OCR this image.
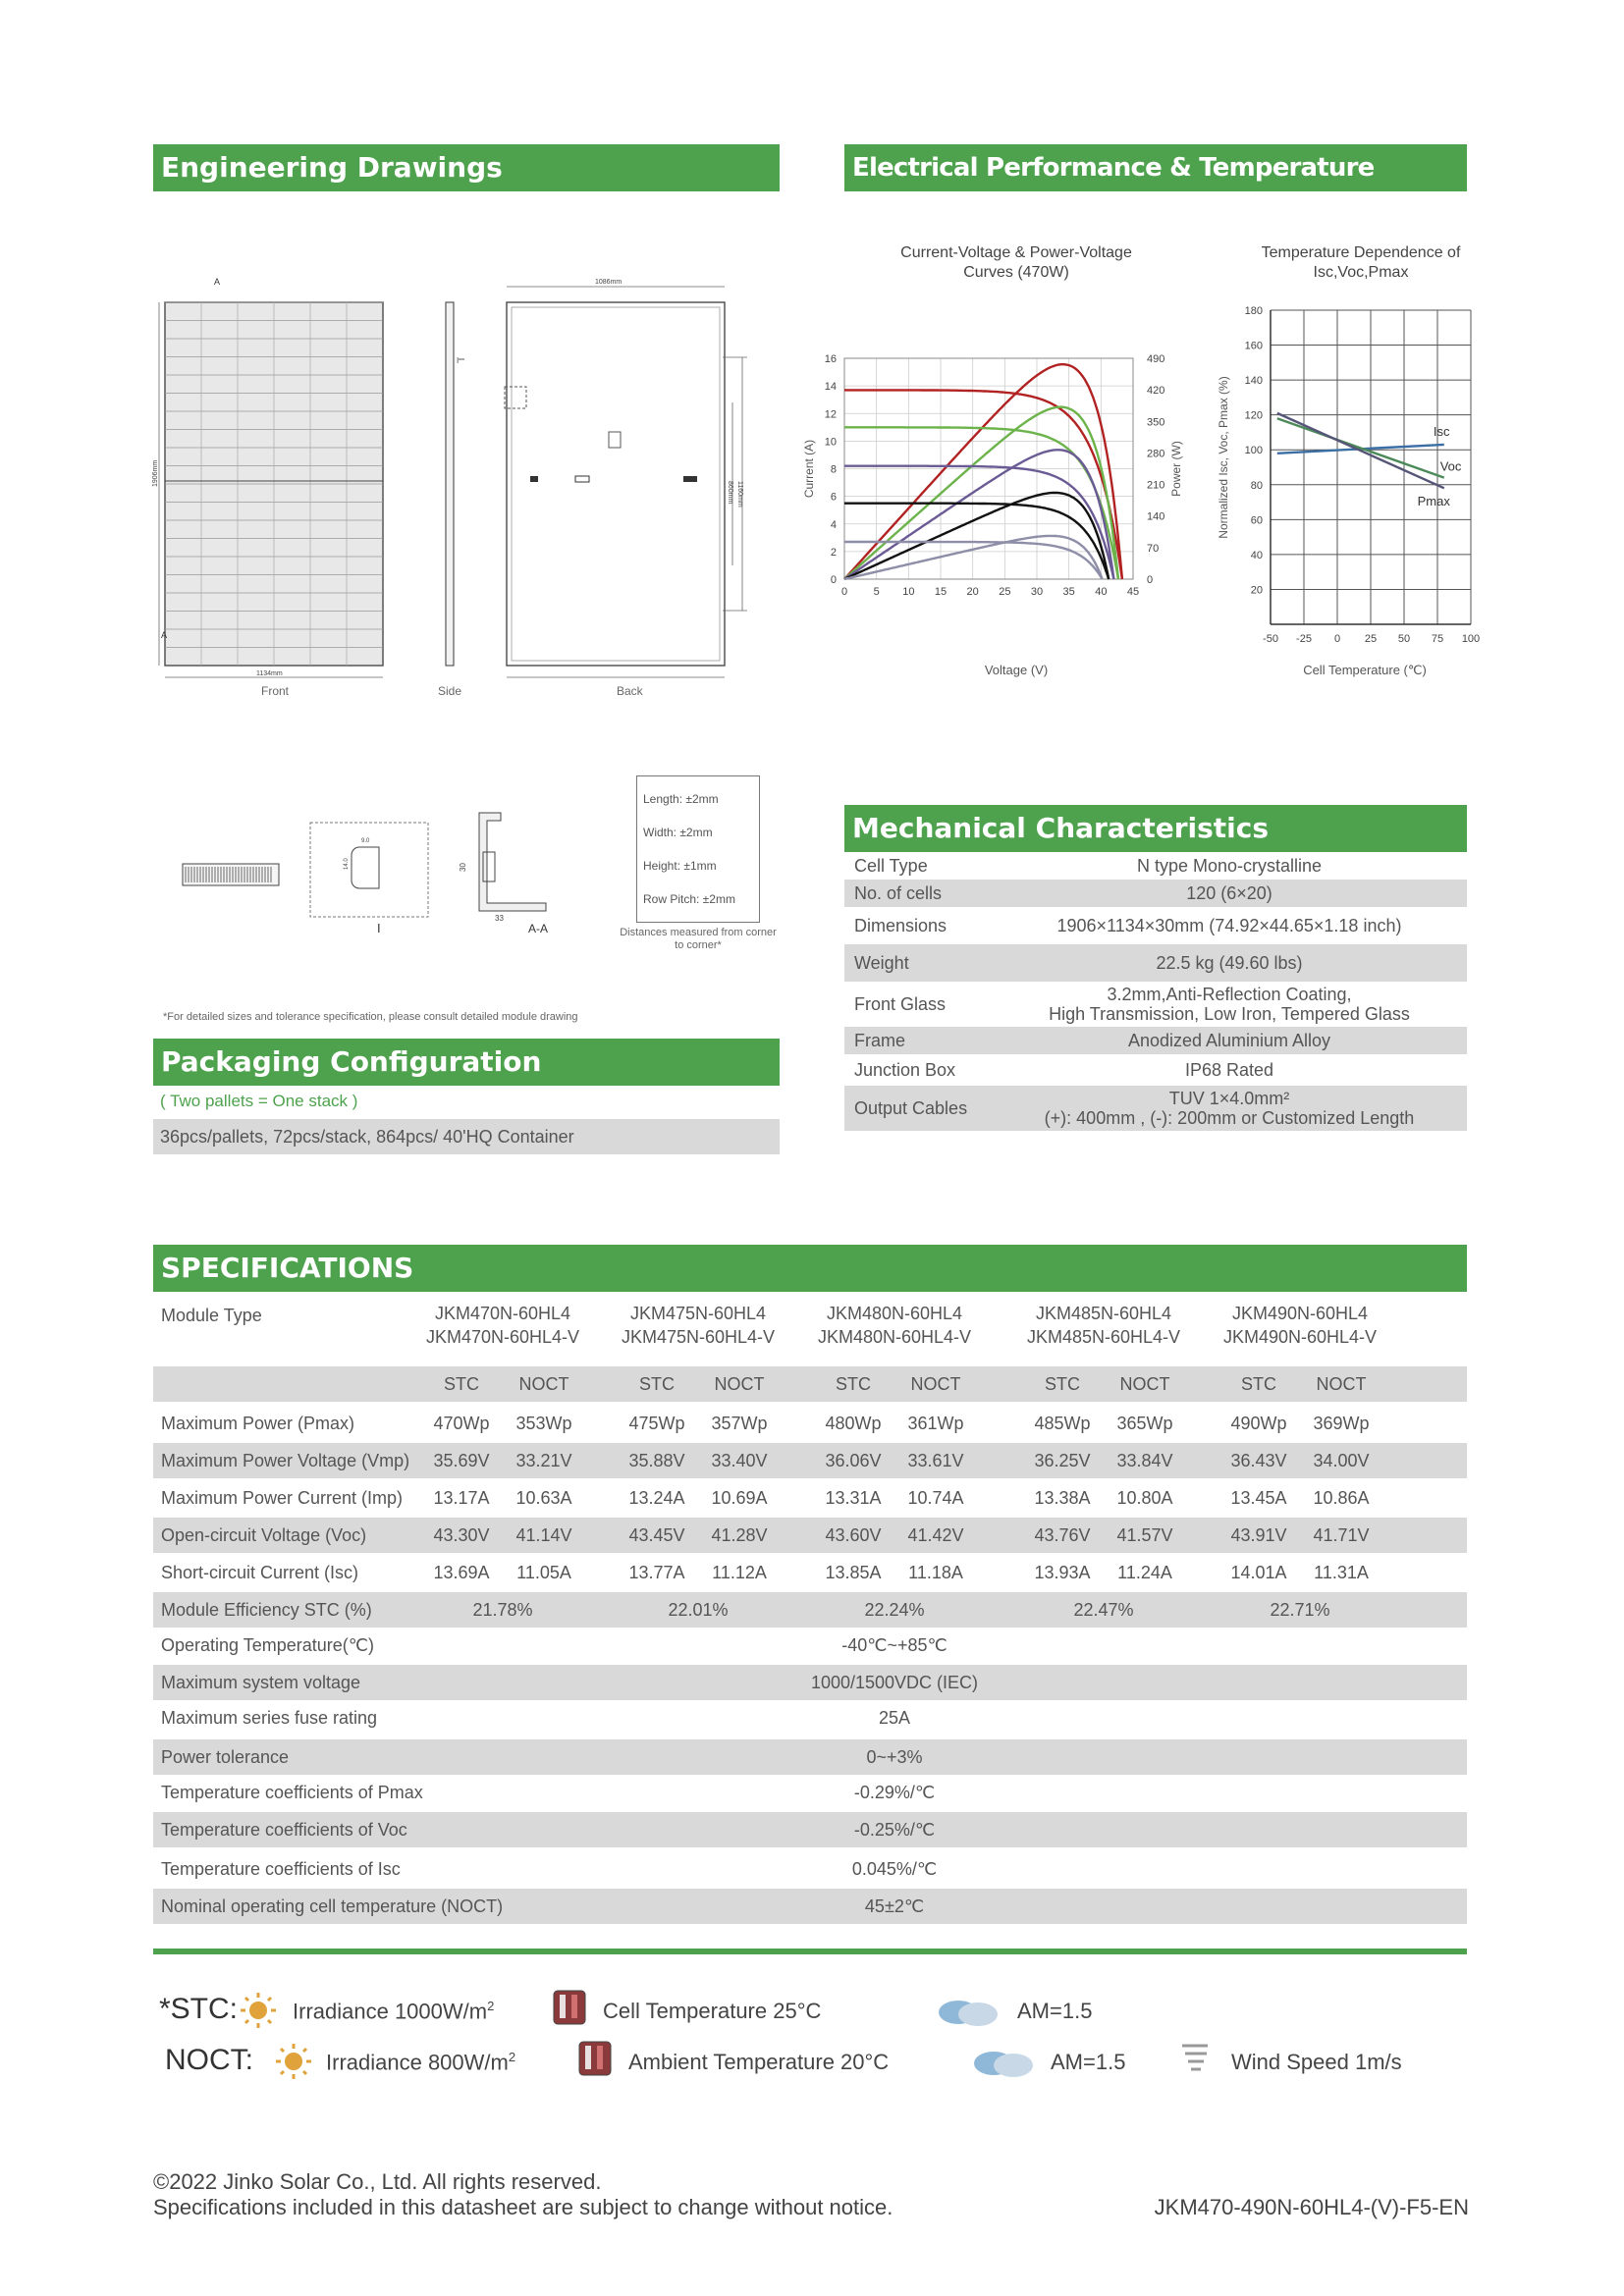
Engineering Drawings	Electrical Performance & Temperature Dependence
1906mm
1134mm
A
A
I
1086mm
1160mm
860mm
Front	Side	Back
9.0
14.0
I
30
33
A-A
Length: ±2mm
Width: ±2mm
Height: ±1mm
Row Pitch: ±2mm
Distances measured from corner to corner*
*For detailed sizes and tolerance specification, please consult detailed module drawing
Packaging Configuration
( Two pallets = One stack )
36pcs/pallets, 72pcs/stack, 864pcs/ 40'HQ Container
Current-Voltage & Power-Voltage Curves (470W)
0 5 10 15 20 25 30 35 40 45
0
2
4
6
8
10
12
14
16
0
70
140
210
280
350
420
490
Current (A)	Power (W)
Voltage (V)
Temperature Dependence of Isc,Voc,Pmax
-50 -25 0 25 50 75 100
20
40
60
80
100
120
140
160
180
Normalized Isc, Voc, Pmax (%)	Isc
Voc
Pmax
Cell Temperature (℃)
Mechanical Characteristics
Cell Type	N type Mono-crystalline
No. of cells	120 (6×20)
Dimensions	1906×1134×30mm (74.92×44.65×1.18 inch)
Weight	22.5 kg (49.60 lbs)
Front Glass	3.2mm,Anti-Reflection Coating,
High Transmission, Low Iron, Tempered Glass
Frame	Anodized Aluminium Alloy
Junction Box	IP68 Rated
Output Cables	TUV 1×4.0mm²
(+): 400mm , (-): 200mm or Customized Length
SPECIFICATIONS
Module Type	JKM470N-60HL4
JKM470N-60HL4-V
JKM475N-60HL4
JKM475N-60HL4-V
JKM480N-60HL4
JKM480N-60HL4-V
JKM485N-60HL4
JKM485N-60HL4-V
JKM490N-60HL4
JKM490N-60HL4-V
STC	NOCT	STC	NOCT	STC	NOCT	STC	NOCT	STC	NOCT
Maximum Power (Pmax)	470Wp	353Wp	475Wp	357Wp	480Wp	361Wp	485Wp	365Wp	490Wp	369Wp
Maximum Power Voltage (Vmp)	35.69V	33.21V	35.88V	33.40V	36.06V	33.61V	36.25V	33.84V	36.43V	34.00V
Maximum Power Current (Imp)	13.17A	10.63A	13.24A	10.69A	13.31A	10.74A	13.38A	10.80A	13.45A	10.86A
Open-circuit Voltage (Voc)	43.30V	41.14V	43.45V	41.28V	43.60V	41.42V	43.76V	41.57V	43.91V	41.71V
Short-circuit Current (Isc)	13.69A	11.05A	13.77A	11.12A	13.85A	11.18A	13.93A	11.24A	14.01A	11.31A
Module Efficiency STC (%)	21.78%	22.01%	22.24%	22.47%	22.71%
Operating Temperature(℃)	-40℃~+85℃
Maximum system voltage	1000/1500VDC (IEC)
Maximum series fuse rating	25A
Power tolerance	0~+3%
Temperature coefficients of Pmax	-0.29%/℃
Temperature coefficients of Voc	-0.25%/℃
Temperature coefficients of Isc	0.045%/℃
Nominal operating cell temperature (NOCT)	45±2℃
*STC:
NOCT:
Irradiance $1000W/m^2$
Irradiance $800W/m^2$
Cell Temperature 25°C
Ambient Temperature 20°C
AM=1.5
AM=1.5	Wind Speed 1m/s
©2022 Jinko Solar Co., Ltd. All rights reserved.
Specifications included in this datasheet are subject to change without notice.	JKM470-490N-60HL4-(V)-F5-EN
